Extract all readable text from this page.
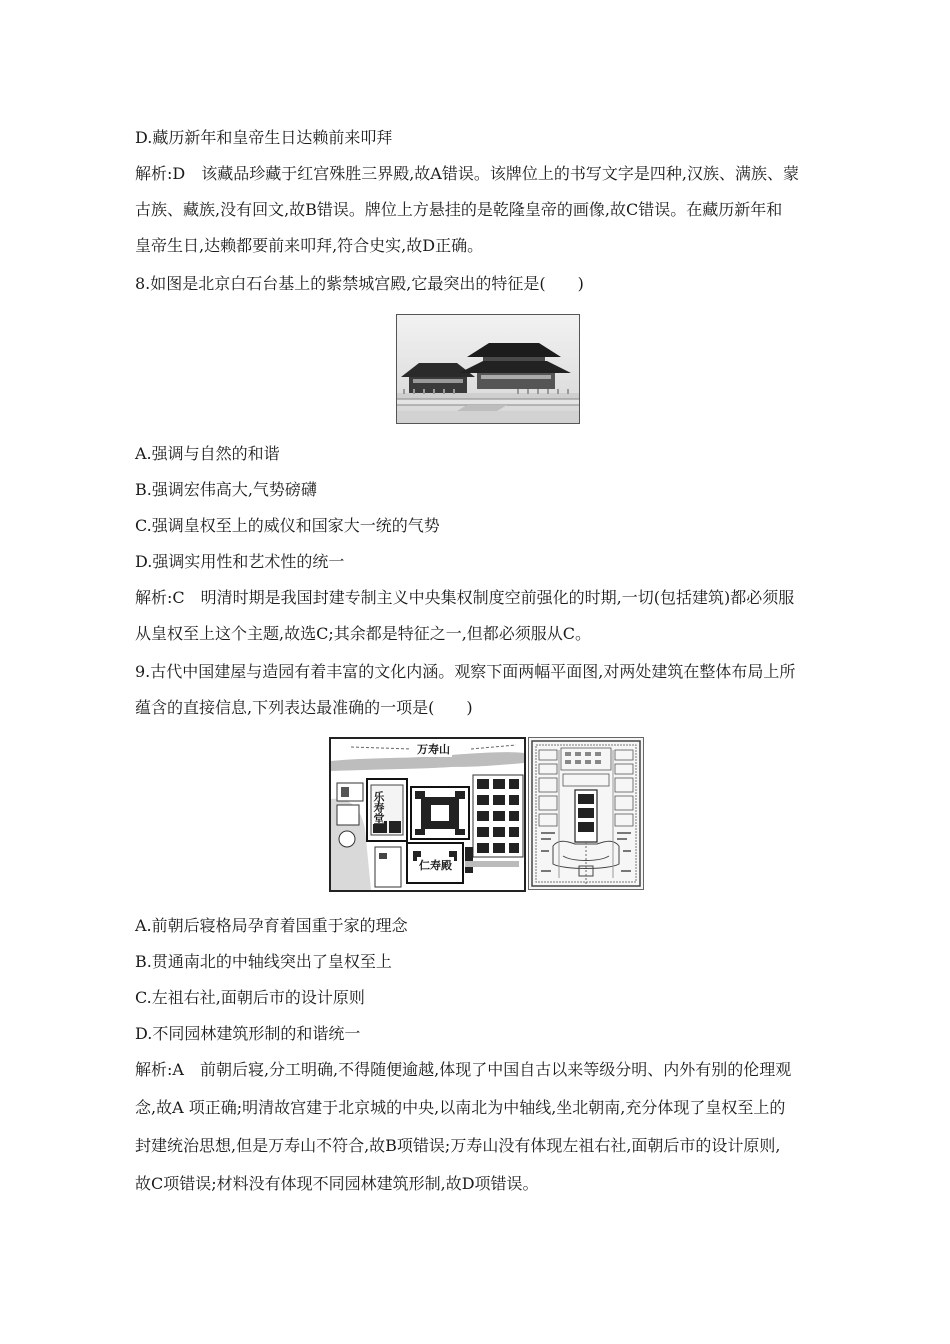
D.藏历新年和皇帝生日达赖前来叩拜
解析:D　该藏品珍藏于红宫殊胜三界殿,故A错误。该牌位上的书写文字是四种,汉族、满族、蒙
古族、藏族,没有回文,故B错误。牌位上方悬挂的是乾隆皇帝的画像,故C错误。在藏历新年和
皇帝生日,达赖都要前来叩拜,符合史实,故D正确。
8.如图是北京白石台基上的紫禁城宫殿,它最突出的特征是(　　)
A.强调与自然的和谐
B.强调宏伟高大,气势磅礴
C.强调皇权至上的威仪和国家大一统的气势
D.强调实用性和艺术性的统一
解析:C　明清时期是我国封建专制主义中央集权制度空前强化的时期,一切(包括建筑)都必须服
从皇权至上这个主题,故选C;其余都是特征之一,但都必须服从C。
9.古代中国建屋与造园有着丰富的文化内涵。观察下面两幅平面图,对两处建筑在整体布局上所
蕴含的直接信息,下列表达最准确的一项是(　　)
万寿山
乐寿堂
仁寿殿
A.前朝后寝格局孕育着国重于家的理念
B.贯通南北的中轴线突出了皇权至上
C.左祖右社,面朝后市的设计原则
D.不同园林建筑形制的和谐统一
解析:A　前朝后寝,分工明确,不得随便逾越,体现了中国自古以来等级分明、内外有别的伦理观
念,故A 项正确;明清故宫建于北京城的中央,以南北为中轴线,坐北朝南,充分体现了皇权至上的
封建统治思想,但是万寿山不符合,故B项错误;万寿山没有体现左祖右社,面朝后市的设计原则,
故C项错误;材料没有体现不同园林建筑形制,故D项错误。
